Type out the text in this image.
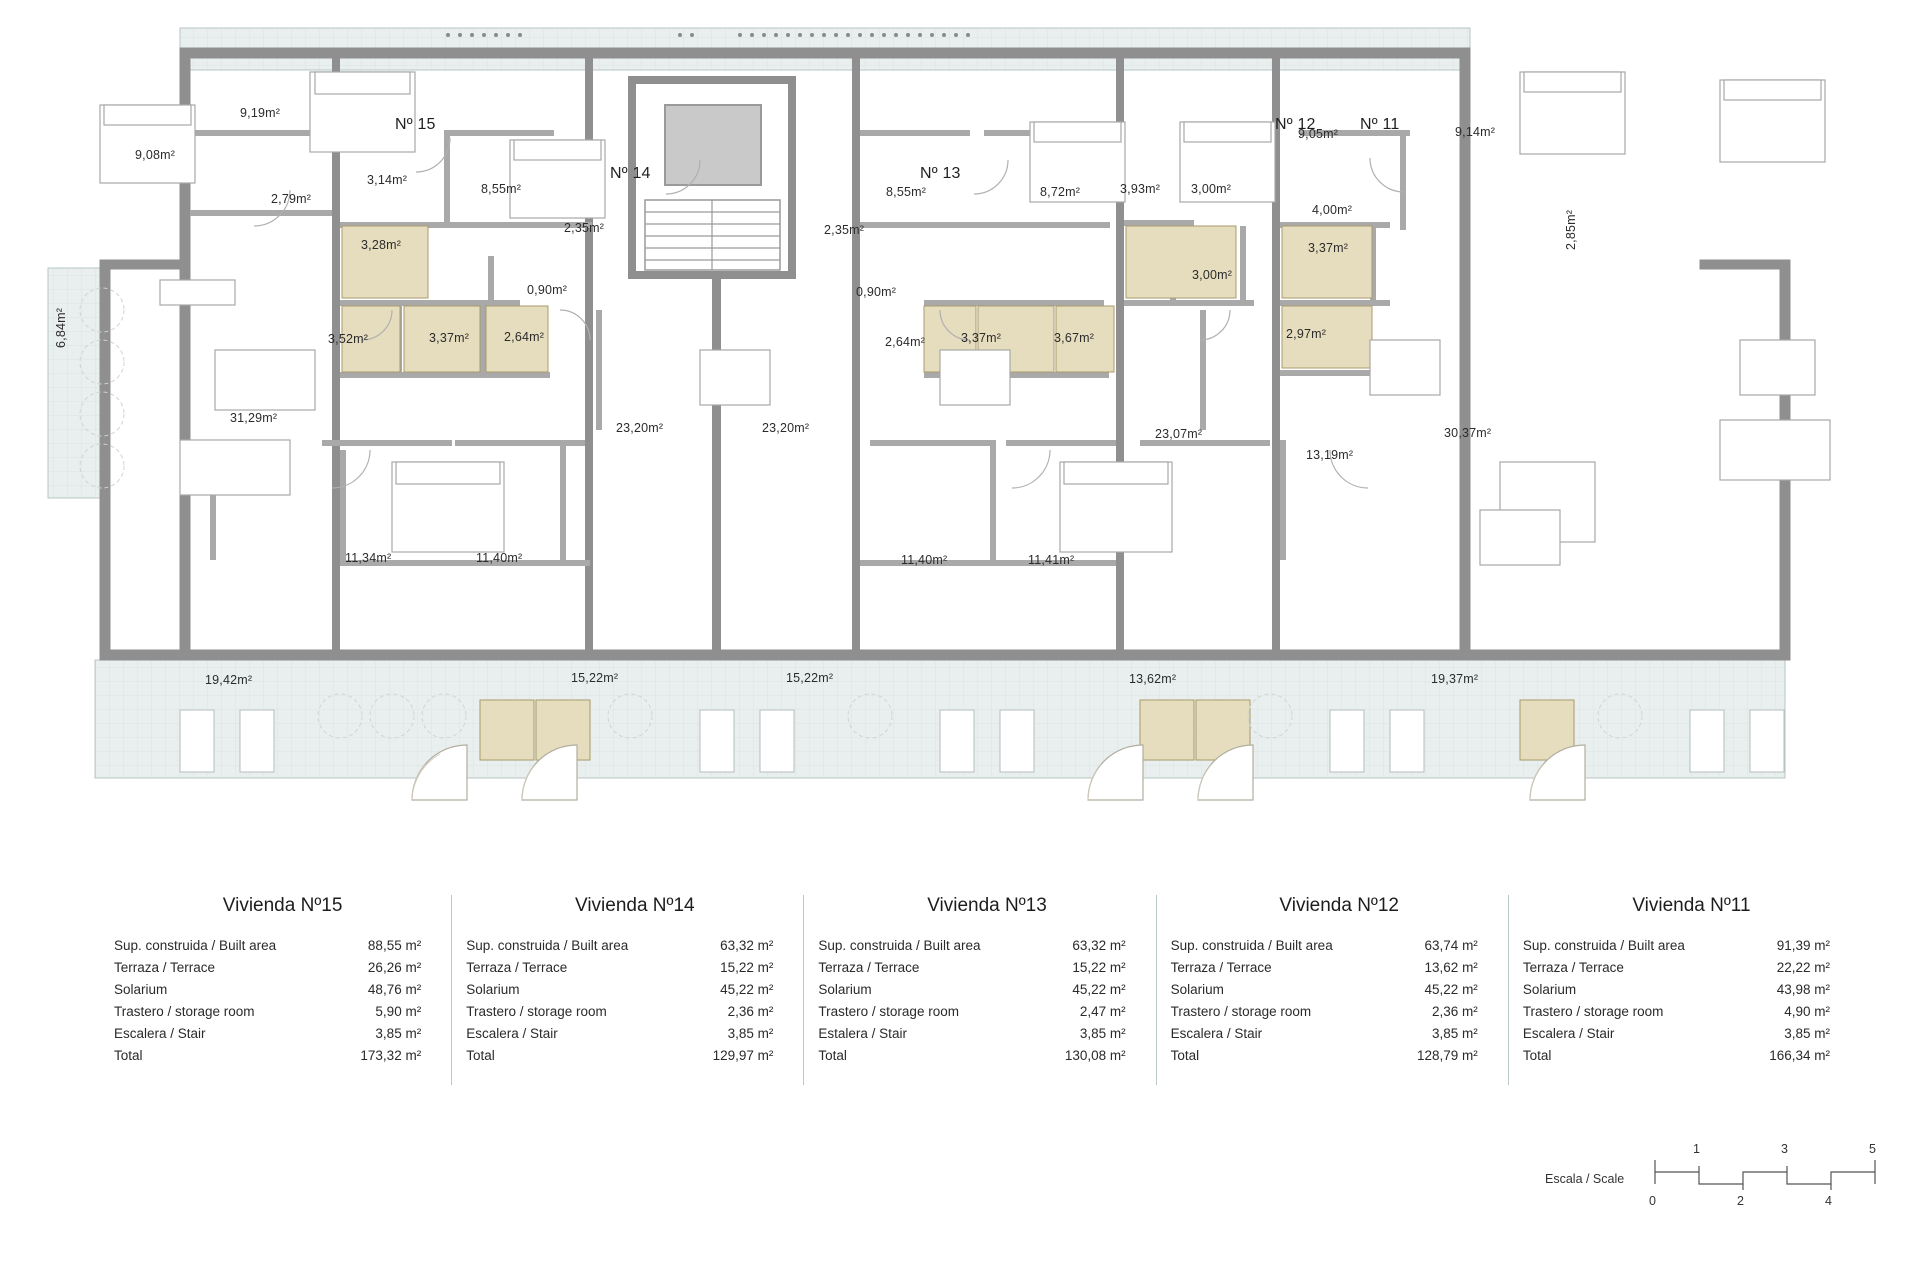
Nº 15
Nº 14	Nº 13
Nº 12	Nº 11
9,19m²
9,08m²
2,79m²
3,14m²
8,55m²
2,35m²
0,90m²
3,28m²
3,52m²	3,37m²	2,64m²
6,84m²
31,29m²
23,20m²	23,20m²
11,34m²	11,40m²
19,42m²	15,22m²	15,22m²
8,55m²	8,72m²
2,35m²
0,90m²
2,64m²	3,37m²	3,67m²
3,93m² 3,00m²
3,00m²
3,37m²
2,97m²
4,00m²
9,05m²	9,14m²
2,85m²
30,37m²
23,07m²
13,19m²
11,40m²	11,41m²
13,62m²	19,37m²
Vivienda Nº15
Sup. construida / Built area	88,55 m²
Terraza / Terrace	26,26 m²
Solarium	48,76 m²
Trastero / storage room	5,90 m²
Escalera / Stair	3,85 m²
Total	173,32 m²
Vivienda Nº14
Sup. construida / Built area	63,32 m²
Terraza / Terrace	15,22 m²
Solarium	45,22 m²
Trastero / storage room	2,36 m²
Escalera / Stair	3,85 m²
Total	129,97 m²
Vivienda Nº13
Sup. construida / Built area	63,32 m²
Terraza / Terrace	15,22 m²
Solarium	45,22 m²
Trastero / storage room	2,47 m²
Estalera / Stair	3,85 m²
Total	130,08 m²
Vivienda Nº12
Sup. construida / Built area	63,74 m²
Terraza / Terrace	13,62 m²
Solarium	45,22 m²
Trastero / storage room	2,36 m²
Escalera / Stair	3,85 m²
Total	128,79 m²
Vivienda Nº11
Sup. construida / Built area	91,39 m²
Terraza / Terrace	22,22 m²
Solarium	43,98 m²
Trastero / storage room	4,90 m²
Escalera / Stair	3,85 m²
Total	166,34 m²
Escala / Scale
1	3	5
0	2	4
